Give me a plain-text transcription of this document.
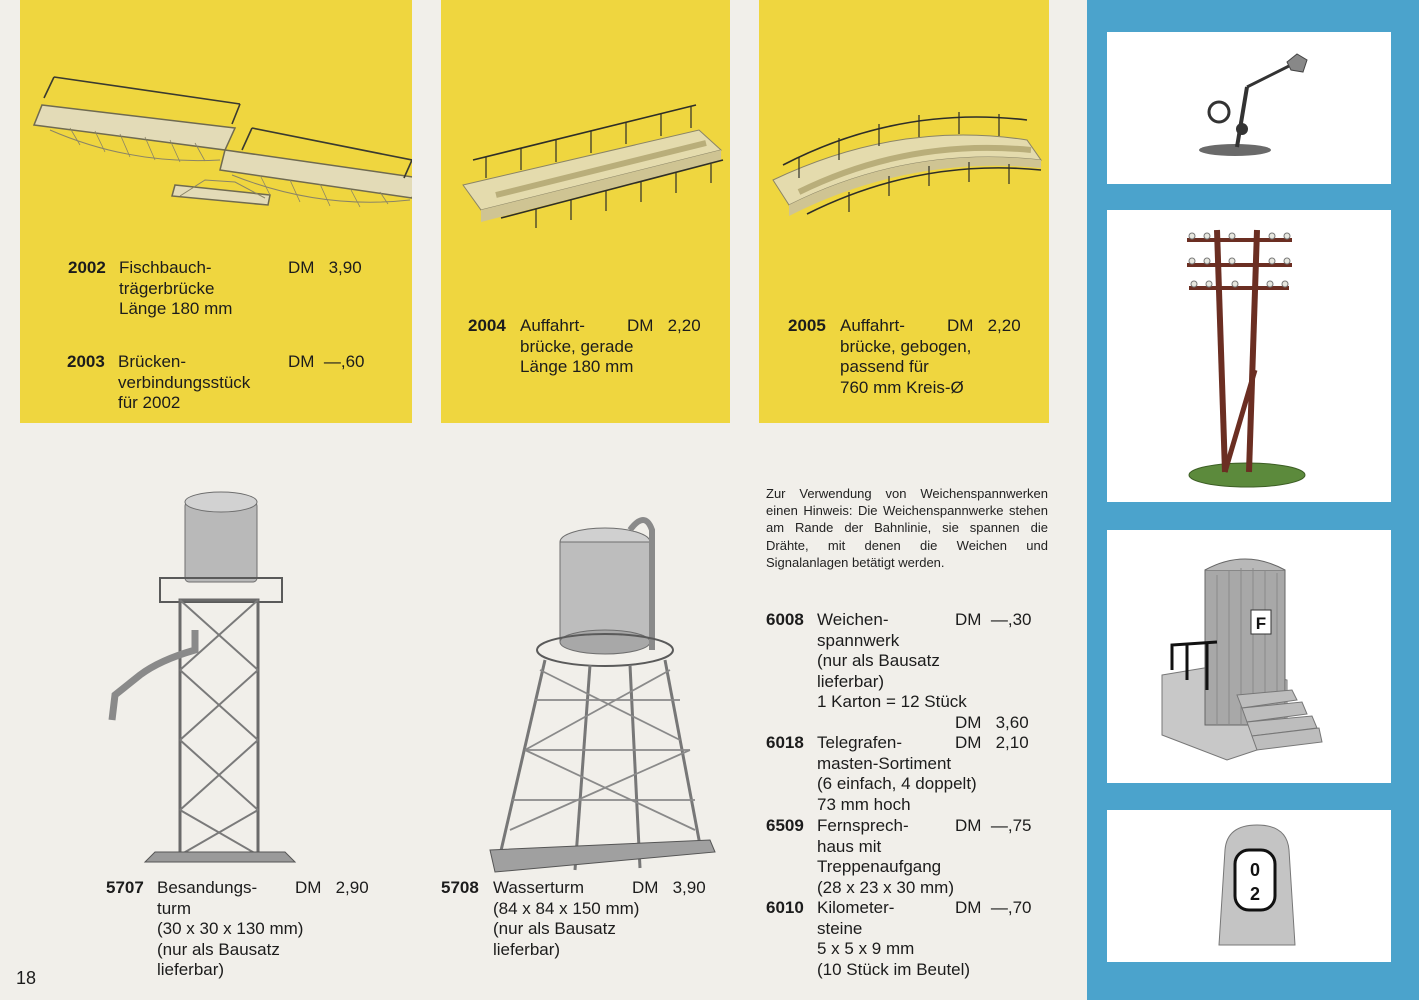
2002 Fischbauch-
trägerbrücke
Länge 180 mm
DM   3,90
2003 Brücken-
verbindungsstück
für 2002
DM  —,60
2004 Auffahrt-
brücke, gerade
Länge 180 mm
DM   2,20	2005 Auffahrt-
brücke, gebogen,
passend für
760 mm Kreis-Ø
DM   2,20
5707 Besandungs-
turm
(30 x 30 x 130 mm)
(nur als Bausatz
lieferbar)
DM   2,90	5708 Wasserturm
(84 x 84 x 150 mm)
(nur als Bausatz
lieferbar)
DM   3,90
Zur Verwendung von Weichenspannwerken einen Hinweis: Die Weichenspannwerke stehen am Rande der Bahnlinie, sie spannen die Drähte, mit denen die Weichen und Signalanlagen betätigt werden.
6008 Weichen-
spannwerk
(nur als Bausatz
lieferbar)
1 Karton = 12 Stück
DM  —,30
DM   3,60
6018 Telegrafen-
masten-Sortiment
(6 einfach, 4 doppelt)
73 mm hoch
DM   2,10
6509 Fernsprech-
haus mit
Treppenaufgang
(28 x 23 x 30 mm)
DM  —,75
6010 Kilometer-
steine
5 x 5 x 9 mm
(10 Stück im Beutel)
DM  —,70
18
F
0
2
